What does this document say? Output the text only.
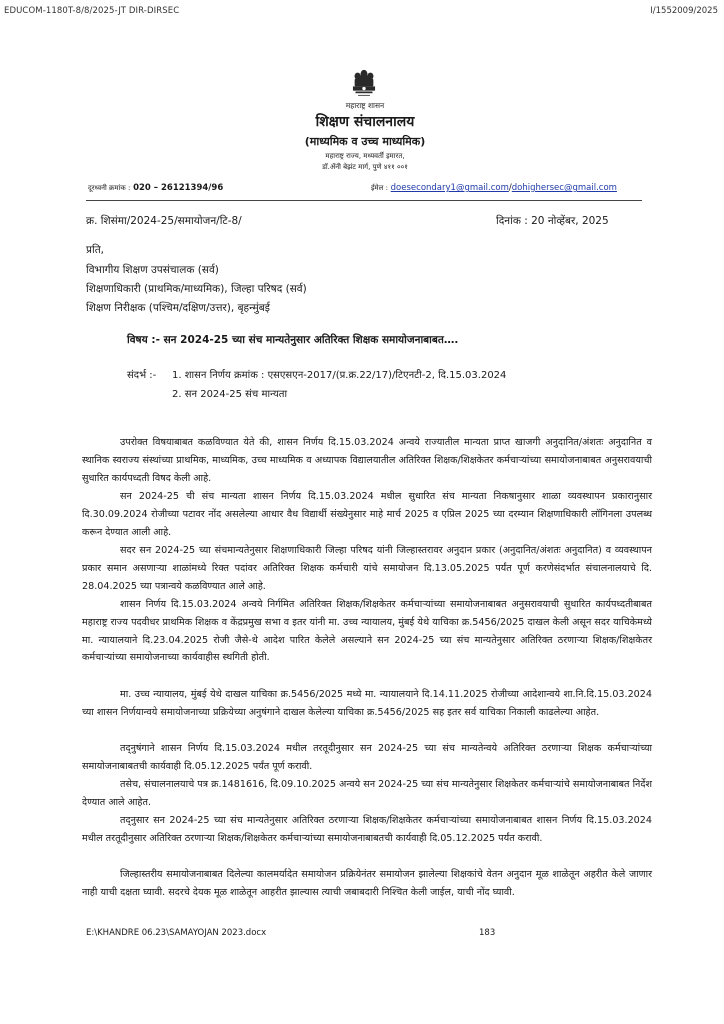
EDUCOM-1180T-8/8/2025-JT DIR-DIRSEC	I/1552009/2025
महाराष्ट्र शासन
शिक्षण संचालनालय
(माध्यमिक व उच्च माध्यमिक)
महाराष्ट्र राज्य, मध्यवर्ती इमारत,
डॉ.ॲनी बेझंट मार्ग, पुणे ४११ ००१
दूरध्वनी क्रमांक : 020 – 26121394/96	ईमेल : doesecondary1@gmail.com/dohighersec@gmail.com
क्र. शिसंमा/2024-25/समायोजन/टि-8/	दिनांक : 20 नोव्हेंबर, 2025
प्रति,
विभागीय शिक्षण उपसंचालक (सर्व)
शिक्षणाधिकारी (प्राथमिक/माध्यमिक), जिल्हा परिषद (सर्व)
शिक्षण निरीक्षक (पश्चिम/दक्षिण/उत्तर), बृहन्मुंबई
विषय :- सन 2024-25 च्या संच मान्यतेनुसार अतिरिक्त शिक्षक समायोजनाबाबत….
संदर्भ :- 1. शासन निर्णय क्रमांक : एसएसएन-2017/(प्र.क्र.22/17)/टिएनटी-2, दि.15.03.2024
2. सन 2024-25 संच मान्यता
उपरोक्त विषयाबाबत कळविण्यात येते की, शासन निर्णय दि.15.03.2024 अन्वये राज्यातील मान्यता प्राप्त खाजगी अनुदानित/अंशतः अनुदानित व स्थानिक स्वराज्य संस्थांच्या प्राथमिक, माध्यमिक, उच्च माध्यमिक व अध्यापक विद्यालयातील अतिरिक्त शिक्षक/शिक्षकेतर कर्मचाऱ्यांच्या समायोजनाबाबत अनुसरावयाची सुधारित कार्यपध्दती विषद केली आहे.
सन 2024-25 ची संच मान्यता शासन निर्णय दि.15.03.2024 मधील सुधारित संच मान्यता निकषानुसार शाळा व्यवस्थापन प्रकारानुसार दि.30.09.2024 रोजीच्या पटावर नोंद असलेल्या आधार वैध विद्यार्थी संख्येनुसार माहे मार्च 2025 व एप्रिल 2025 च्या दरम्यान शिक्षणाधिकारी लॉगिनला उपलब्ध करून देण्यात आली आहे.
सदर सन 2024-25 च्या संचमान्यतेनुसार शिक्षणाधिकारी जिल्हा परिषद यांनी जिल्हास्तरावर अनुदान प्रकार (अनुदानित/अंशतः अनुदानित) व व्यवस्थापन प्रकार समान असणाऱ्या शाळांमध्ये रिक्त पदांवर अतिरिक्त शिक्षक कर्मचारी यांचे समायोजन दि.13.05.2025 पर्यंत पूर्ण करणेसंदर्भात संचालनालयाचे दि. 28.04.2025 च्या पत्रान्वये कळविण्यात आले आहे.
शासन निर्णय दि.15.03.2024 अन्वये निर्गमित अतिरिक्त शिक्षक/शिक्षकेतर कर्मचाऱ्यांच्या समायोजनाबाबत अनुसरावयाची सुधारित कार्यपध्दतीबाबत महाराष्ट्र राज्य पदवीधर प्राथमिक शिक्षक व केंद्रप्रमुख सभा व इतर यांनी मा. उच्च न्यायालय, मुंबई येथे याचिका क्र.5456/2025 दाखल केली असून सदर याचिकेमध्ये मा. न्यायालयाने दि.23.04.2025 रोजी जैसे-थे आदेश पारित केलेले असल्याने सन 2024-25 च्या संच मान्यतेनुसार अतिरिक्त ठरणाऱ्या शिक्षक/शिक्षकेतर कर्मचाऱ्यांच्या समायोजनाच्या कार्यवाहीस स्थगिती होती.
मा. उच्च न्यायालय, मुंबई येथे दाखल याचिका क्र.5456/2025 मध्ये मा. न्यायालयाने दि.14.11.2025 रोजीच्या आदेशान्वये शा.नि.दि.15.03.2024 च्या शासन निर्णयान्वये समायोजनाच्या प्रक्रियेच्या अनुषंगाने दाखल केलेल्या याचिका क्र.5456/2025 सह इतर सर्व याचिका निकाली काढलेल्या आहेत.
तद्नुषंगाने शासन निर्णय दि.15.03.2024 मधील तरतूदीनुसार सन 2024-25 च्या संच मान्यतेन्वये अतिरिक्त ठरणाऱ्या शिक्षक कर्मचाऱ्यांच्या समायोजनाबाबतची कार्यवाही दि.05.12.2025 पर्यंत पूर्ण करावी.
तसेच, संचालनालयाचे पत्र क्र.1481616, दि.09.10.2025 अन्वये सन 2024-25 च्या संच मान्यतेनुसार शिक्षकेतर कर्मचाऱ्यांचे समायोजनाबाबत निर्देश देण्यात आले आहेत.
तद्नुसार सन 2024-25 च्या संच मान्यतेनुसार अतिरिक्त ठरणाऱ्या शिक्षक/शिक्षकेतर कर्मचाऱ्यांच्या समायोजनाबाबत शासन निर्णय दि.15.03.2024 मधील तरतूदीनुसार अतिरिक्त ठरणाऱ्या शिक्षक/शिक्षकेतर कर्मचाऱ्यांच्या समायोजनाबाबतची कार्यवाही दि.05.12.2025 पर्यंत करावी.
जिल्हास्तरीय समायोजनाबाबत दिलेल्या कालमर्यादेत समायोजन प्रक्रियेनंतर समायोजन झालेल्या शिक्षकांचे वेतन अनुदान मूळ शाळेतून अहरीत केले जाणार नाही याची दक्षता घ्यावी. सदरचे देयक मूळ शाळेतून आहरीत झाल्यास त्याची जबाबदारी निश्चित केली जाईल, याची नोंद घ्यावी.
E:\KHANDRE 06.23\SAMAYOJAN 2023.docx	183
